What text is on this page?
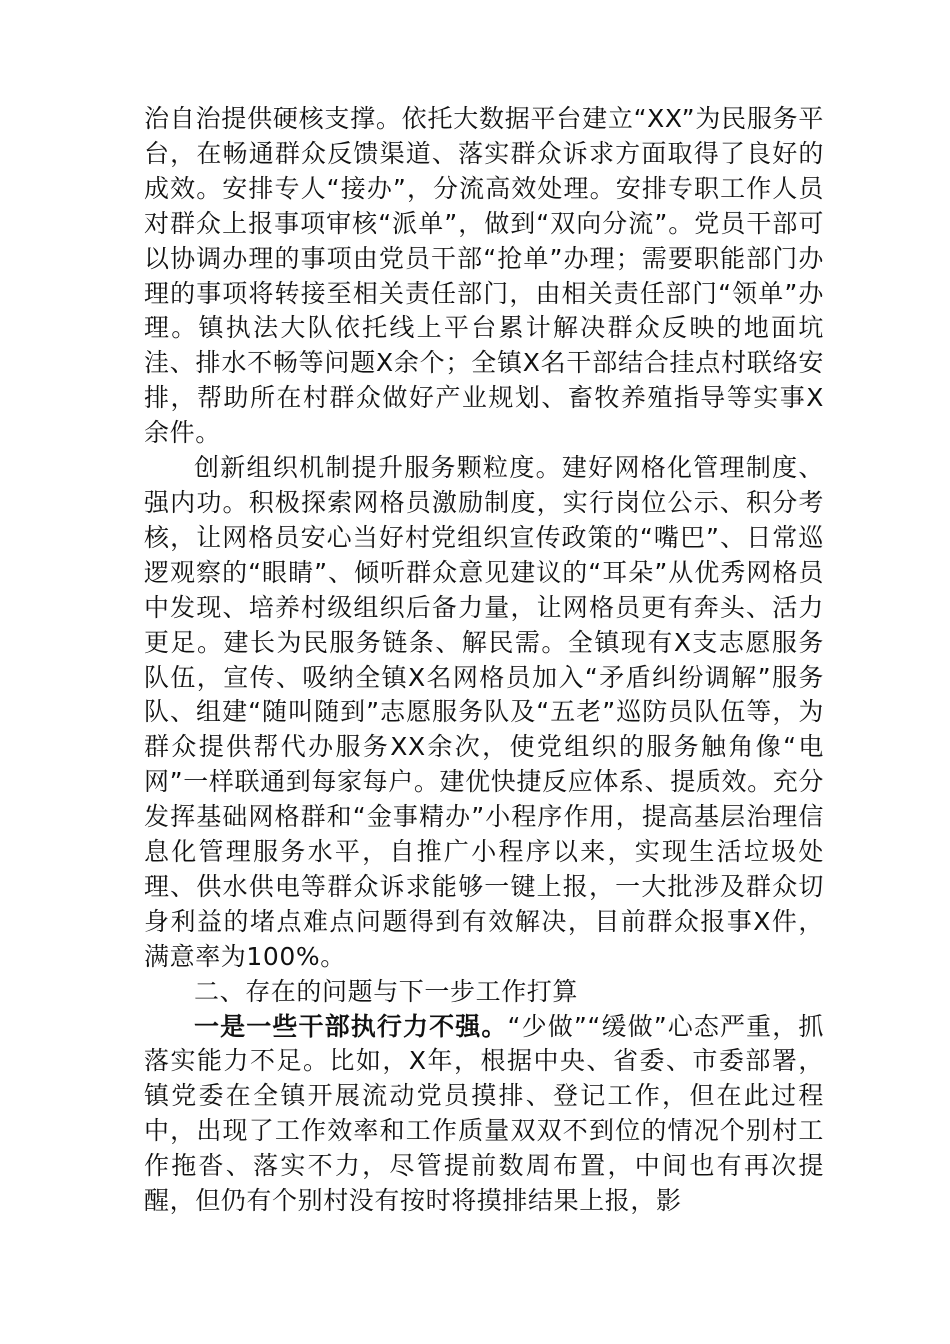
治自治提供硬核支撑。依托大数据平台建立“XX”为民服务平台，在畅通群众反馈渠道、落实群众诉求方面取得了良好的成效。安排专人“接办”，分流高效处理。安排专职工作人员对群众上报事项审核“派单”，做到“双向分流”。党员干部可以协调办理的事项由党员干部“抢单”办理；需要职能部门办理的事项将转接至相关责任部门，由相关责任部门“领单”办理。镇执法大队依托线上平台累计解决群众反映的地面坑洼、排水不畅等问题X余个；全镇X名干部结合挂点村联络安排，帮助所在村群众做好产业规划、畜牧养殖指导等实事X余件。

创新组织机制提升服务颗粒度。建好网格化管理制度、强内功。积极探索网格员激励制度，实行岗位公示、积分考核，让网格员安心当好村党组织宣传政策的“嘴巴”、日常巡逻观察的“眼睛”、倾听群众意见建议的“耳朵”从优秀网格员中发现、培养村级组织后备力量，让网格员更有奔头、活力更足。建长为民服务链条、解民需。全镇现有X支志愿服务队伍，宣传、吸纳全镇X名网格员加入“矛盾纠纷调解”服务队、组建“随叫随到”志愿服务队及“五老”巡防员队伍等，为群众提供帮代办服务XX余次，使党组织的服务触角像“电网”一样联通到每家每户。建优快捷反应体系、提质效。充分发挥基础网格群和“金事精办”小程序作用，提高基层治理信息化管理服务水平，自推广小程序以来，实现生活垃圾处理、供水供电等群众诉求能够一键上报，一大批涉及群众切身利益的堵点难点问题得到有效解决，目前群众报事X件，满意率为100%。

二、存在的问题与下一步工作打算

一是一些干部执行力不强。“少做”“缓做”心态严重，抓落实能力不足。比如，X年，根据中央、省委、市委部署，镇党委在全镇开展流动党员摸排、登记工作，但在此过程中，出现了工作效率和工作质量双双不到位的情况个别村工作拖沓、落实不力，尽管提前数周布置，中间也有再次提醒，但仍有个别村没有按时将摸排结果上报，影
